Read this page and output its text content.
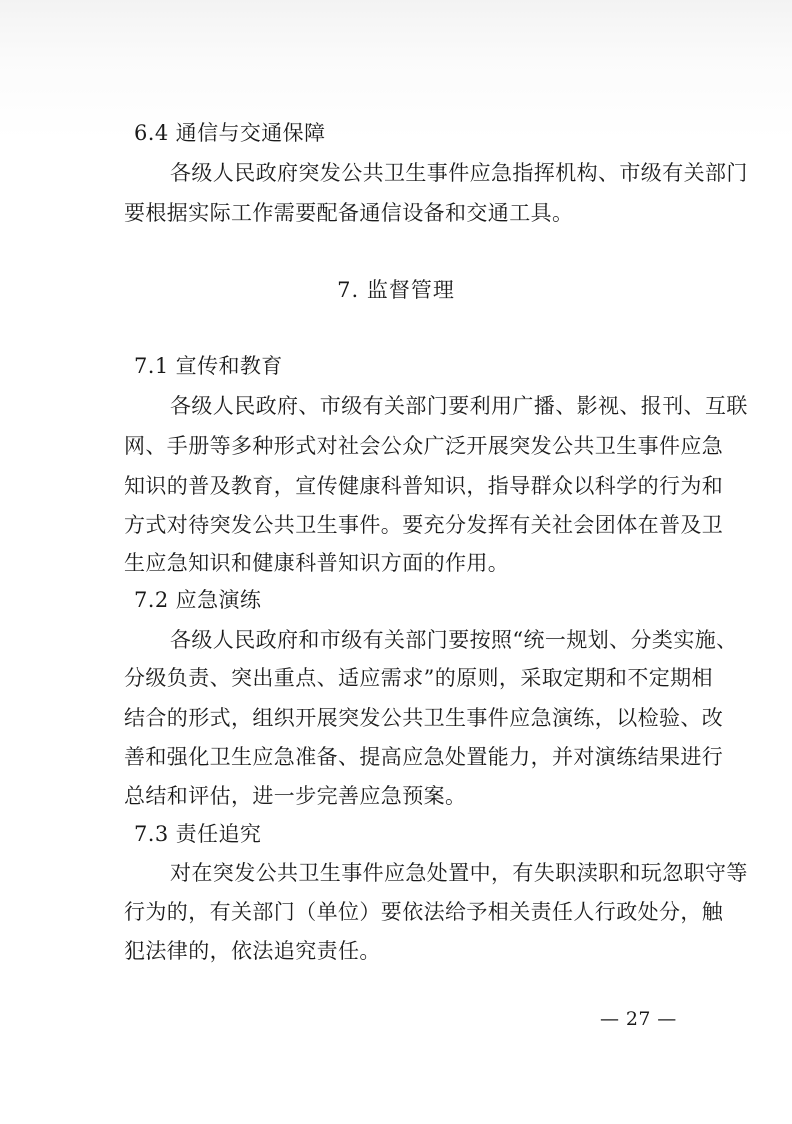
6.4 通信与交通保障

各级人民政府突发公共卫生事件应急指挥机构、市级有关部门

要根据实际工作需要配备通信设备和交通工具。

7. 监督管理

7.1 宣传和教育

各级人民政府、市级有关部门要利用广播、影视、报刊、互联

网、手册等多种形式对社会公众广泛开展突发公共卫生事件应急

知识的普及教育，宣传健康科普知识，指导群众以科学的行为和

方式对待突发公共卫生事件。要充分发挥有关社会团体在普及卫

生应急知识和健康科普知识方面的作用。

7.2 应急演练

各级人民政府和市级有关部门要按照“统一规划、分类实施、

分级负责、突出重点、适应需求”的原则，采取定期和不定期相

结合的形式，组织开展突发公共卫生事件应急演练，以检验、改

善和强化卫生应急准备、提高应急处置能力，并对演练结果进行

总结和评估，进一步完善应急预案。

7.3 责任追究

对在突发公共卫生事件应急处置中，有失职渎职和玩忽职守等

行为的，有关部门（单位）要依法给予相关责任人行政处分，触

犯法律的，依法追究责任。

— 27 —
